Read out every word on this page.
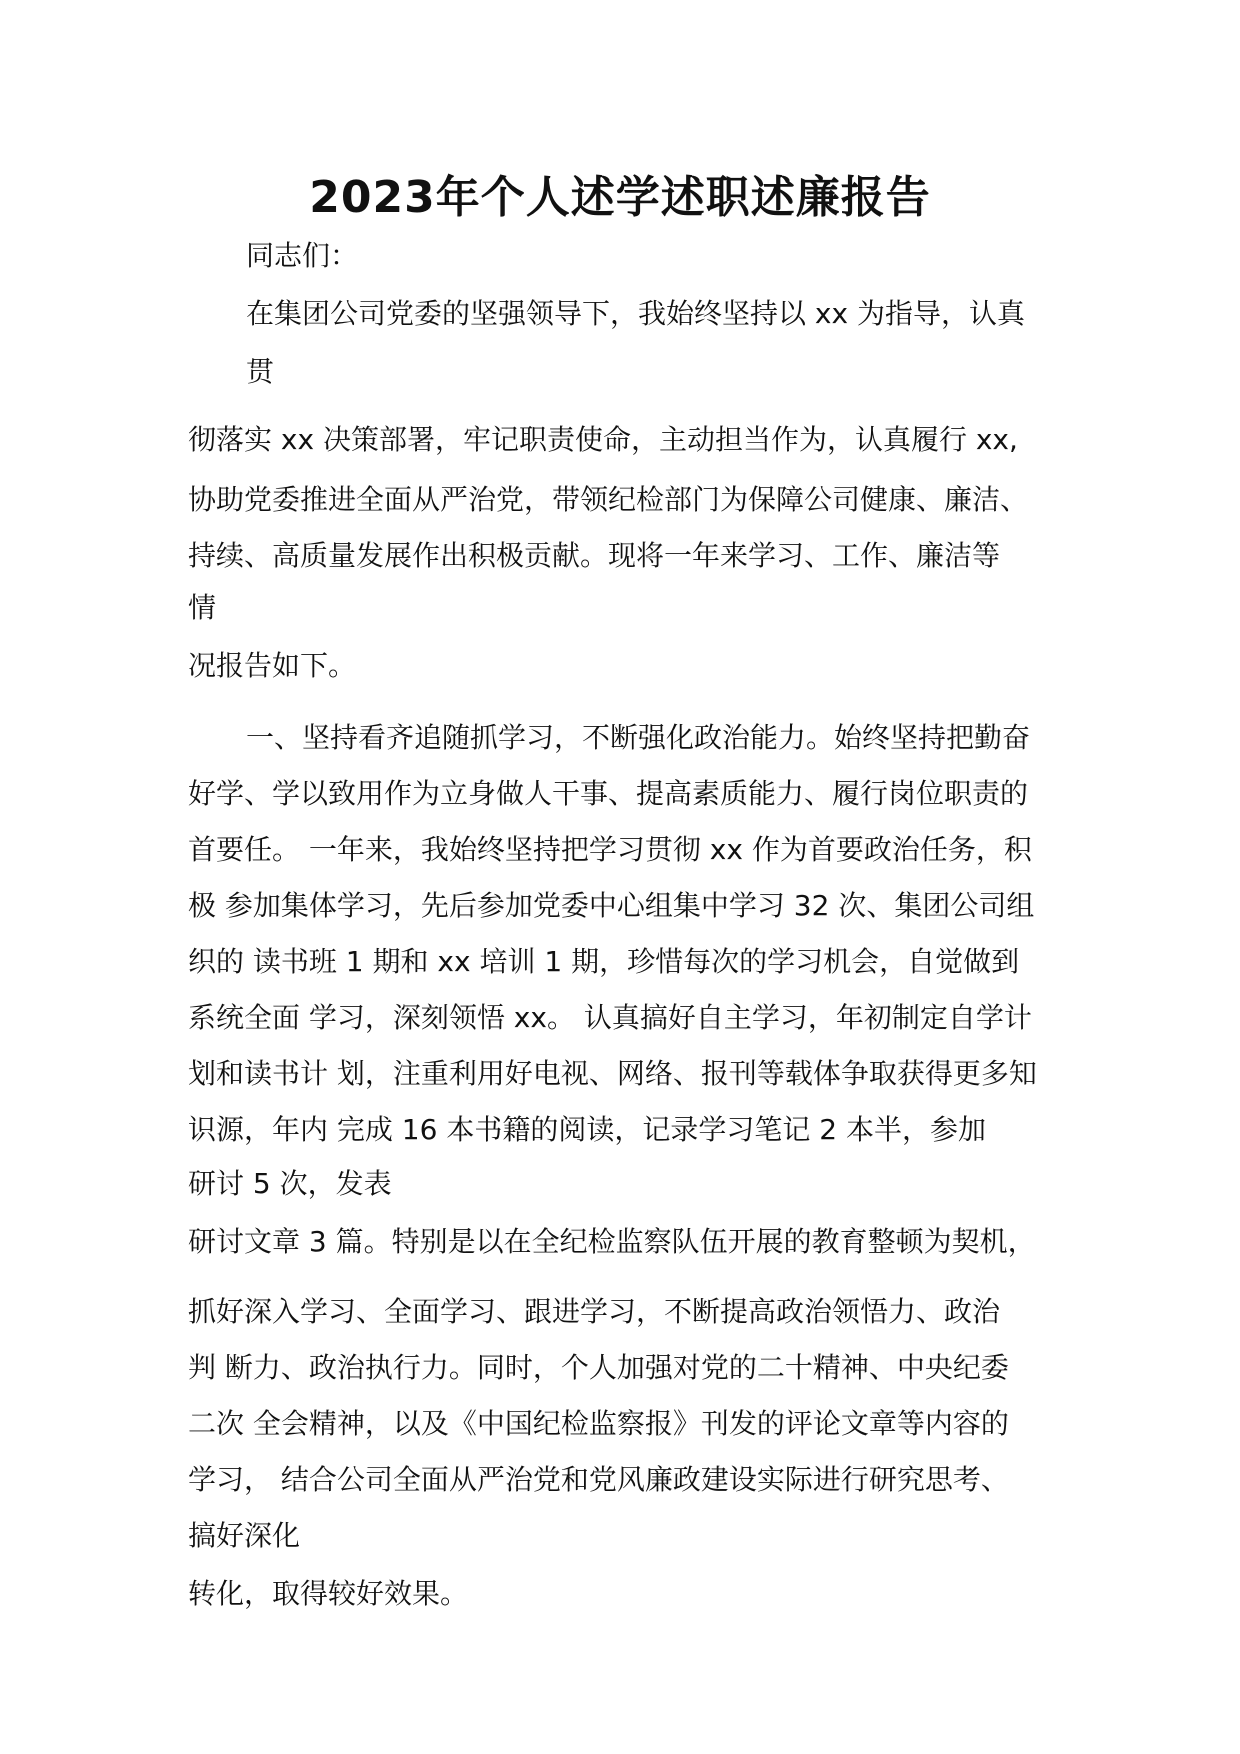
2023年个人述学述职述廉报告
同志们：
在集团公司党委的坚强领导下，我始终坚持以 xx 为指导，认真
贯
彻落实 xx 决策部署，牢记职责使命，主动担当作为，认真履行 xx,
协助党委推进全面从严治党，带领纪检部门为保障公司健康、廉洁、
持续、高质量发展作出积极贡献。现将一年来学习、工作、廉洁等
情
况报告如下。
一、坚持看齐追随抓学习，不断强化政治能力。始终坚持把勤奋
好学、学以致用作为立身做人干事、提高素质能力、履行岗位职责的
首要任。 一年来，我始终坚持把学习贯彻 xx 作为首要政治任务，积
极 参加集体学习，先后参加党委中心组集中学习 32 次、集团公司组
织的 读书班 1 期和 xx 培训 1 期，珍惜每次的学习机会，自觉做到
系统全面 学习，深刻领悟 xx。 认真搞好自主学习，年初制定自学计
划和读书计 划，注重利用好电视、网络、报刊等载体争取获得更多知
识源，年内 完成 16 本书籍的阅读，记录学习笔记 2 本半，参加
研讨 5 次，发表
研讨文章 3 篇。特别是以在全纪检监察队伍开展的教育整顿为契机，
抓好深入学习、全面学习、跟进学习，不断提高政治领悟力、政治
判 断力、政治执行力。同时，个人加强对党的二十精神、中央纪委
二次 全会精神，以及《中国纪检监察报》刊发的评论文章等内容的
学习， 结合公司全面从严治党和党风廉政建设实际进行研究思考、
搞好深化
转化，取得较好效果。
